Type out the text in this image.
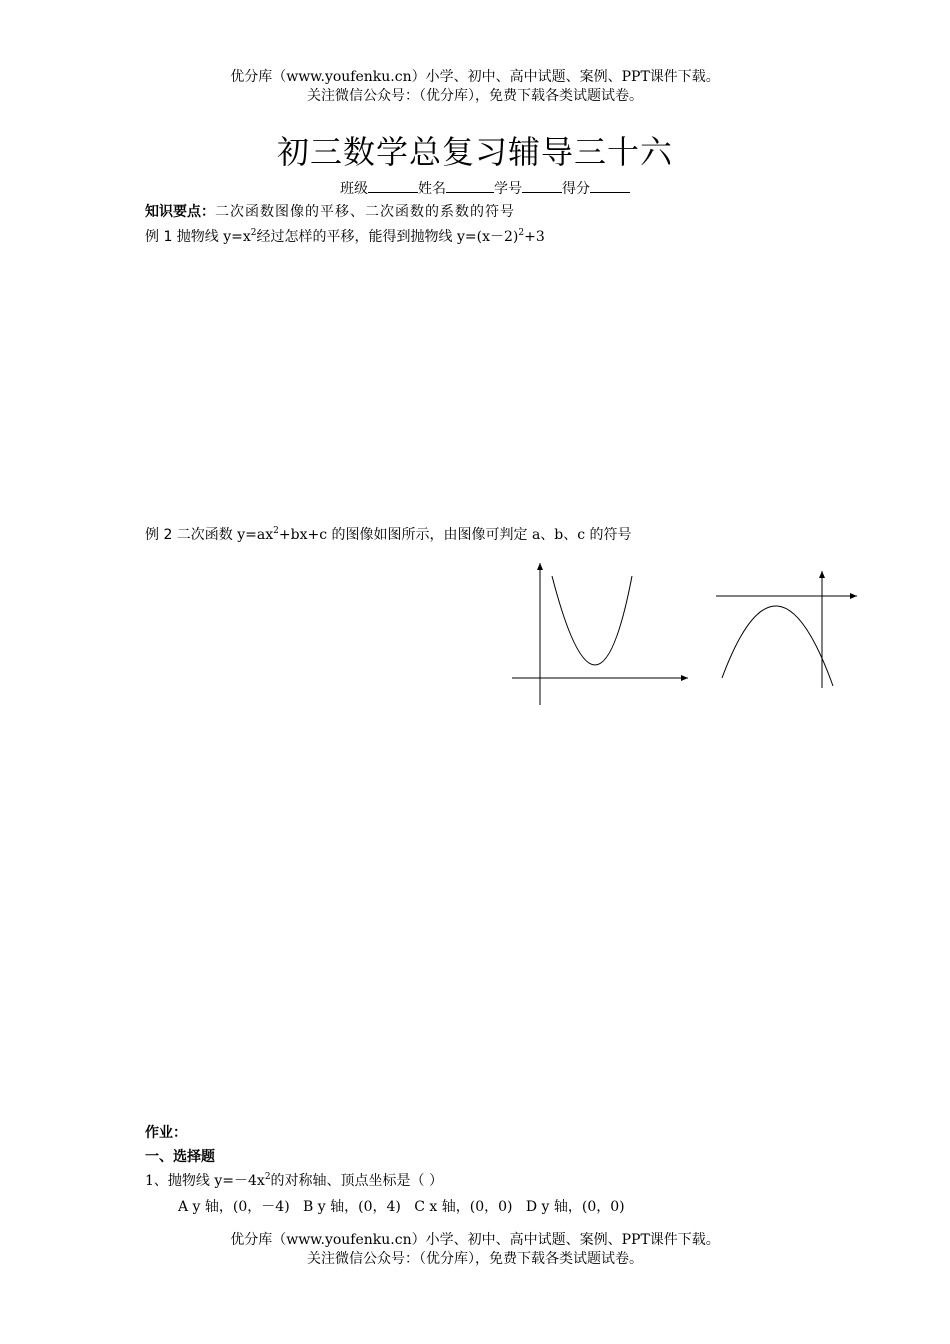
优分库（www.youfenku.cn）小学、初中、高中试题、案例、PPT课件下载。
关注微信公众号：（优分库），免费下载各类试题试卷。
初三数学总复习辅导三十六
班级	姓名	学号	得分
知识要点：二次函数图像的平移、二次函数的系数的符号
例 1 抛物线 $y=x^2$经过怎样的平移，能得到抛物线 $y=(x-2)^2+3$
例 2 二次函数 $y=ax^2+bx+c$ 的图像如图所示，由图像可判定 a、b、c 的符号
作业：
一、选择题
1、抛物线 $y=-4x^2$的对称轴、顶点坐标是（ ）
A y 轴，(0，－4) B y 轴，(0，4) C x 轴，(0，0) D y 轴，(0，0)
优分库（www.youfenku.cn）小学、初中、高中试题、案例、PPT课件下载。
关注微信公众号：（优分库），免费下载各类试题试卷。
